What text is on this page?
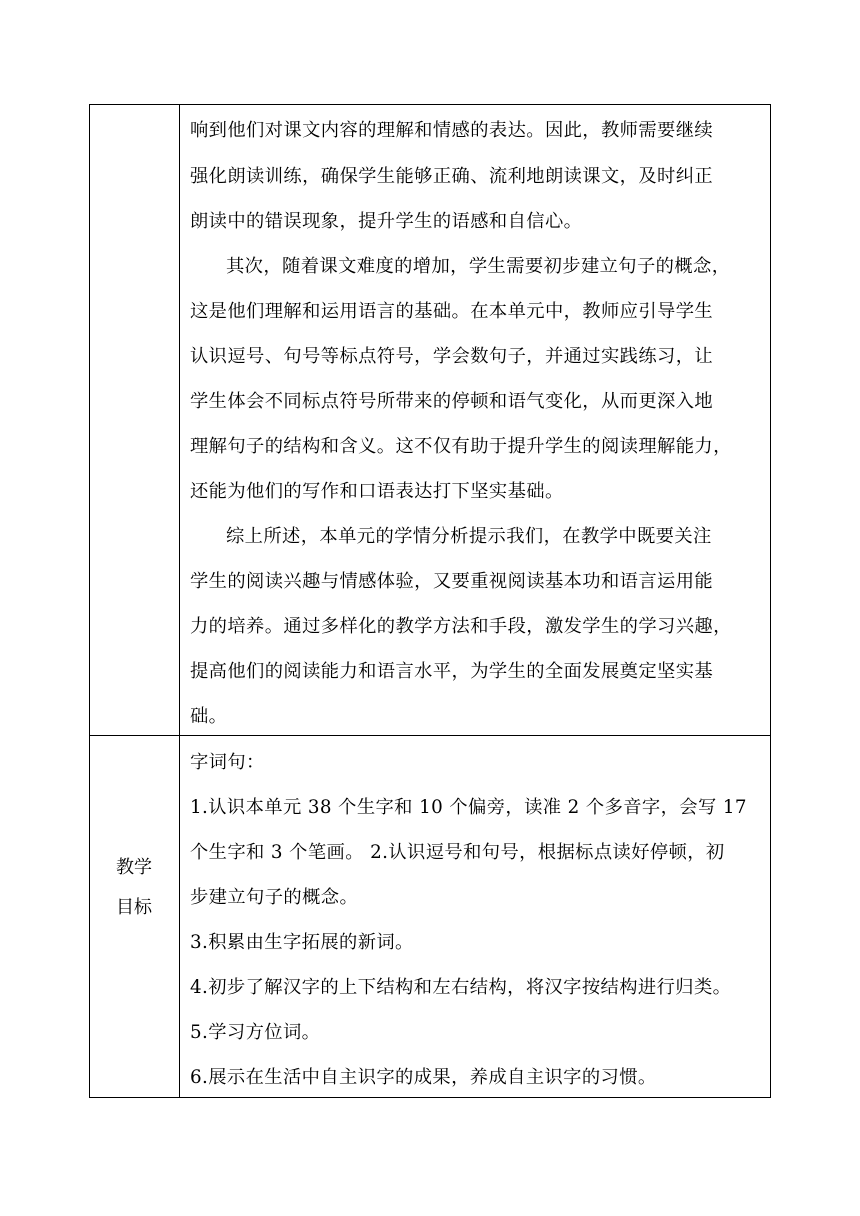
响到他们对课文内容的理解和情感的表达。因此，教师需要继续
强化朗读训练，确保学生能够正确、流利地朗读课文，及时纠正
朗读中的错误现象，提升学生的语感和自信心。
其次，随着课文难度的增加，学生需要初步建立句子的概念，
这是他们理解和运用语言的基础。在本单元中，教师应引导学生
认识逗号、句号等标点符号，学会数句子，并通过实践练习，让
学生体会不同标点符号所带来的停顿和语气变化，从而更深入地
理解句子的结构和含义。这不仅有助于提升学生的阅读理解能力，
还能为他们的写作和口语表达打下坚实基础。
综上所述，本单元的学情分析提示我们，在教学中既要关注
学生的阅读兴趣与情感体验，又要重视阅读基本功和语言运用能
力的培养。通过多样化的教学方法和手段，激发学生的学习兴趣，
提高他们的阅读能力和语言水平，为学生的全面发展奠定坚实基
础。
教学
目标
字词句：
1.认识本单元 38 个生字和 10 个偏旁，读准 2 个多音字，会写 17
个生字和 3 个笔画。 2.认识逗号和句号，根据标点读好停顿，初
步建立句子的概念。
3.积累由生字拓展的新词。
4.初步了解汉字的上下结构和左右结构，将汉字按结构进行归类。
5.学习方位词。
6.展示在生活中自主识字的成果，养成自主识字的习惯。
